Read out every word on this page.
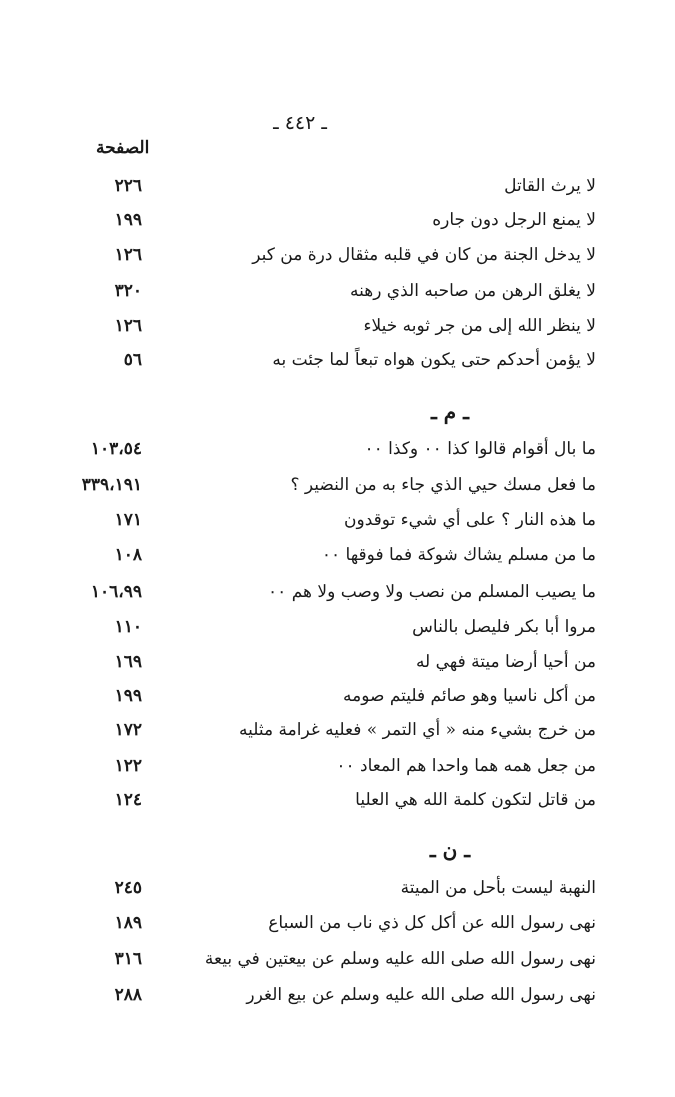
ـ ٤٤٢ ـ
الصفحة
لا يرث القاتل
٢٢٦
لا يمنع الرجل دون جاره
١٩٩
لا يدخل الجنة من كان في قلبه مثقال درة من كبر
١٢٦
لا يغلق الرهن من صاحبه الذي رهنه
٣٢٠
لا ينظر الله إلى من جر ثوبه خيلاء
١٢٦
لا يؤمن أحدكم حتى يكون هواه تبعاً لما جئت به
٥٦
ـ م ـ
ما بال أقوام قالوا كذا ٠٠ وكذا ٠٠
١٠٣،٥٤
ما فعل مسك حيي الذي جاء به من النضير ؟
٣٣٩،١٩١
ما هذه النار ؟ على أي شيء توقدون
١٧١
ما من مسلم يشاك شوكة فما فوقها ٠٠
١٠٨
ما يصيب المسلم من نصب ولا وصب ولا هم ٠٠
١٠٦،٩٩
مروا أبا بكر فليصل بالناس
١١٠
من أحيا أرضا ميتة فهي له
١٦٩
من أكل ناسيا وهو صائم فليتم صومه
١٩٩
من خرج بشيء منه « أي التمر » فعليه غرامة مثليه
١٧٢
من جعل همه هما واحدا هم المعاد ٠٠
١٢٢
من قاتل لتكون كلمة الله هي العليا
١٢٤
ـ ن ـ
النهبة ليست بأحل من الميتة
٢٤٥
نهى رسول الله عن أكل كل ذي ناب من السباع
١٨٩
نهى رسول الله صلى الله عليه وسلم عن بيعتين في بيعة
٣١٦
نهى رسول الله صلى الله عليه وسلم عن بيع الغرر
٢٨٨
